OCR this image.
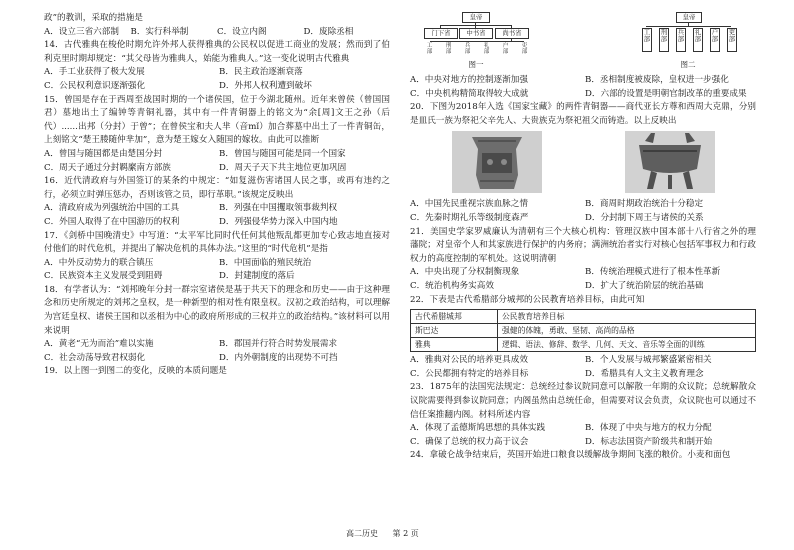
政”的教训，采取的措施是

A．设立三省六部制	B．实行科举制	C．设立内阁	D．废除丞相

14．古代雅典在梭伦时期允许外邦人获得雅典的公民权以促进工商业的发展；然而到了伯利克里时期却规定：“其父母皆为雅典人，始能为雅典人。”这一变化说明古代雅典

A．手工业获得了极大发展	B．民主政治逐渐衰落
C．公民权利意识逐渐强化	D．外邦人权利遭到破坏

15．曾国是存在于西周至战国时期的一个诸侯国，位于今湖北随州。近年来曾侯（曾国国君）墓地出土了编钟等青铜礼器，其中有一件青铜器上的铭文为“余[周]文王之孙（后代）......出邦（分封）于曾”；在曾侯宝和夫人芈（音mǐ）加合葬墓中出土了一件青铜缶，上刻铭文“楚王媵随仲芈加”，意为楚王嫁女入随国的嫁妆。由此可以推断

A．曾国与随国都是由楚国分封	B．曾国与随国可能是同一个国家
C．周天子通过分封羁縻南方部族	D．周天子天下共主地位更加巩固

16．近代清政府与外国签订的某条约中规定：“如复滋伤害诸国人民之事，或再有违约之行，必须立时弹压惩办，否则该管之员，即行革职。”该规定反映出

A．清政府成为列强统治中国的工具	B．列强在中国攫取领事裁判权
C．外国人取得了在中国游历的权利	D．列强侵华势力深入中国内地

17．《剑桥中国晚清史》中写道：“太平军比同时代任何其他叛乱都更加专心致志地直接对付他们的时代危机，并提出了解决危机的具体办法。”这里的“时代危机”是指

A．中外反动势力的联合镇压	B．中国面临的殖民统治
C．民族资本主义发展受到阻碍	D．封建制度的落后

18．有学者认为：“刘邦晚年分封一群宗室诸侯是基于共天下的理念和历史——由于这种理念和历史所规定的刘邦之皇权，是一种新型的相对性有限皇权。汉初之政治结构，可以理解为宫廷皇权、诸侯王国和以丞相为中心的政府所形成的三权并立的政治结构。”该材料可以用来说明

A．黄老“无为而治”难以实施	B．郡国并行符合时势发展需求
C．社会动荡导致君权弱化	D．内外朝制度的出现势不可挡

19．以上图一到图二的变化，反映的本质问题是

皇帝
门下省	中书省	尚书省
工部
刑部
兵部
礼部
户部
吏部
图一
皇帝
工部
刑部
兵部
礼部
户部
吏部
图二
A．中央对地方的控制逐渐加强	B．丞相制度被废除，皇权进一步强化
C．中央机构精简取得较大成就	D．六部的设置是明朝官制改革的重要成果

20．下图为2018年入选《国家宝藏》的两件青铜器——商代亚长方尊和西周大克鼎，分别是皿氏一族为祭祀父辛先人、大贵族克为祭祀祖父而铸造。以上反映出

A．中国先民重视宗族血脉之情	B．商周时期政治统治十分稳定
C．先秦时期礼乐等级制度森严	D．分封制下周王与诸侯的关系

21．美国史学家罗威廉认为清朝有三个大核心机构：管理汉族中国本部十八行省之外的理藩院；对皇帝个人和其家族进行保护的内务府；满洲统治者实行对核心包括军事权力和行政权力的高度控制的军机处。这说明清朝

A．中央出现了分权制衡现象	B．传统治理模式进行了根本性革新
C．统治机构务实高效	D．扩大了统治阶层的统治基础

22．下表是古代希腊部分城邦的公民教育培养目标，由此可知

古代希腊城邦	公民教育培养目标
斯巴达	强健的体魄，勇敢、坚韧、高尚的品格
雅典	逻辑、语法、修辞、数学、几何、天文、音乐等全面的训练
A．雅典对公民的培养更具成效	B．个人发展与城邦繁盛紧密相关
C．公民都拥有特定的培养目标	D．希腊具有人文主义教育理念

23．1875年的法国宪法规定：总统经过参议院同意可以解散一年期的众议院；总统解散众议院需要得到参议院同意；内阁虽然由总统任命，但需要对议会负责，众议院也可以通过不信任案推翻内阁。材料所述内容

A．体现了孟德斯鸠思想的具体实践	B．体现了中央与地方的权力分配
C．确保了总统的权力高于议会	D．标志法国资产阶级共和制开始

24．拿破仑战争结束后，英国开始进口粮食以缓解战争期间飞涨的粮价。小麦和面包

高二历史 第 2 页
